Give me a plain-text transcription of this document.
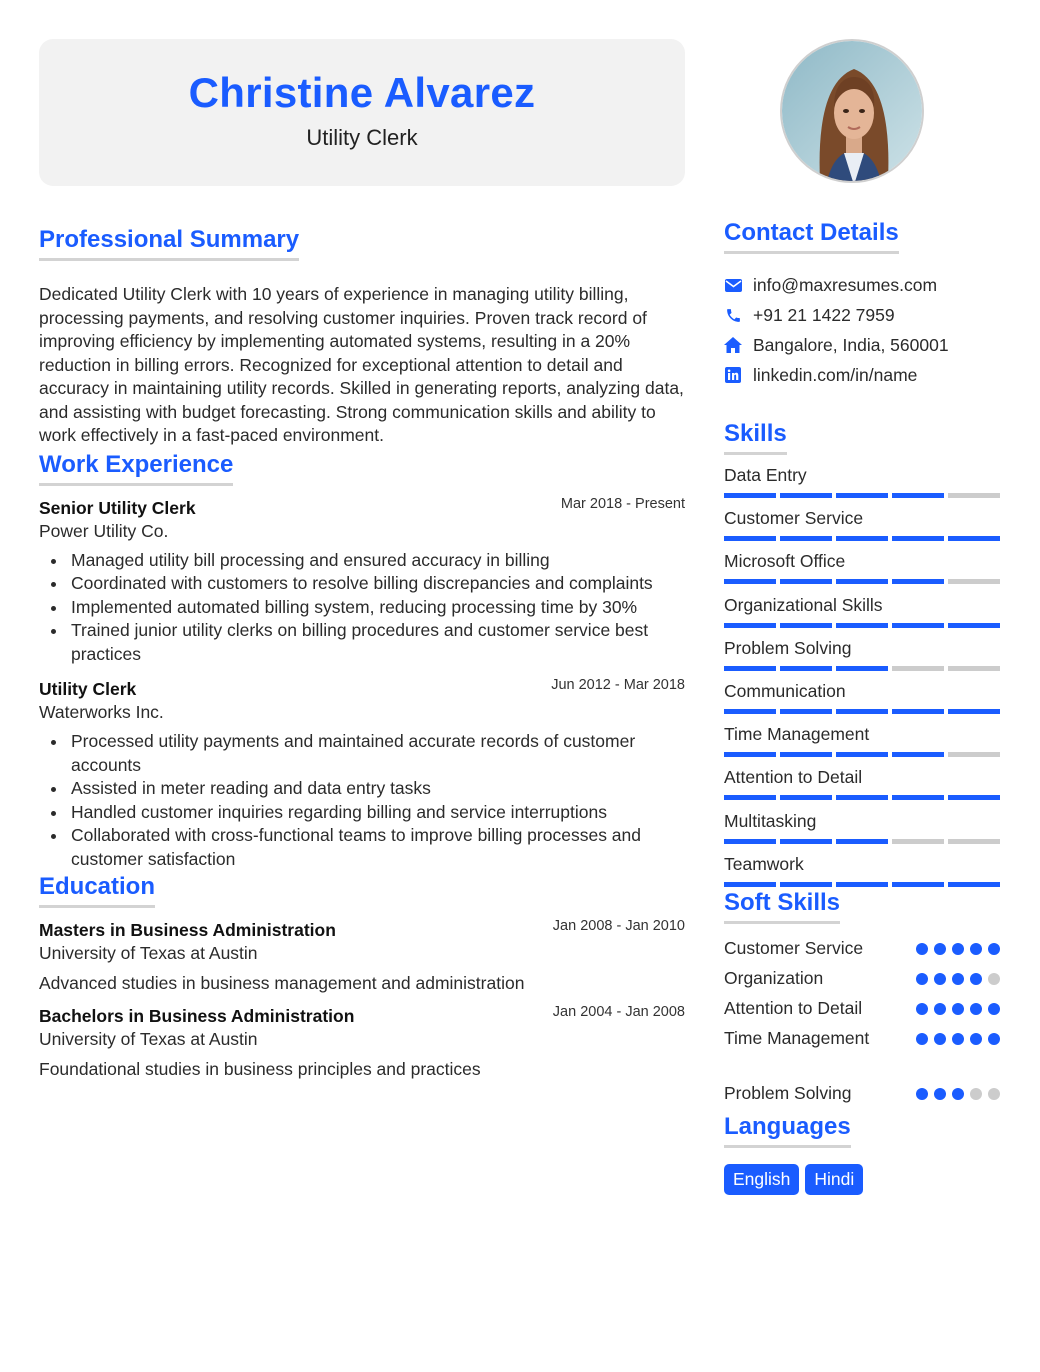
Christine Alvarez
Utility Clerk
Professional Summary
Dedicated Utility Clerk with 10 years of experience in managing utility billing, processing payments, and resolving customer inquiries. Proven track record of improving efficiency by implementing automated systems, resulting in a 20% reduction in billing errors. Recognized for exceptional attention to detail and accuracy in maintaining utility records. Skilled in generating reports, analyzing data, and assisting with budget forecasting. Strong communication skills and ability to work effectively in a fast-paced environment.
Work Experience
Senior Utility Clerk	Mar 2018 - Present
Power Utility Co.
Managed utility bill processing and ensured accuracy in billing
Coordinated with customers to resolve billing discrepancies and complaints
Implemented automated billing system, reducing processing time by 30%
Trained junior utility clerks on billing procedures and customer service best practices
Utility Clerk	Jun 2012 - Mar 2018
Waterworks Inc.
Processed utility payments and maintained accurate records of customer accounts
Assisted in meter reading and data entry tasks
Handled customer inquiries regarding billing and service interruptions
Collaborated with cross-functional teams to improve billing processes and customer satisfaction
Education
Masters in Business Administration	Jan 2008 - Jan 2010
University of Texas at Austin
Advanced studies in business management and administration
Bachelors in Business Administration	Jan 2004 - Jan 2008
University of Texas at Austin
Foundational studies in business principles and practices
Contact Details
info@maxresumes.com
+91 21 1422 7959
Bangalore, India, 560001
linkedin.com/in/name
Skills
Data Entry
Customer Service
Microsoft Office
Organizational Skills
Problem Solving
Communication
Time Management
Attention to Detail
Multitasking
Teamwork
Soft Skills
Customer Service
Organization
Attention to Detail
Time Management
Problem Solving
Languages
English	Hindi
